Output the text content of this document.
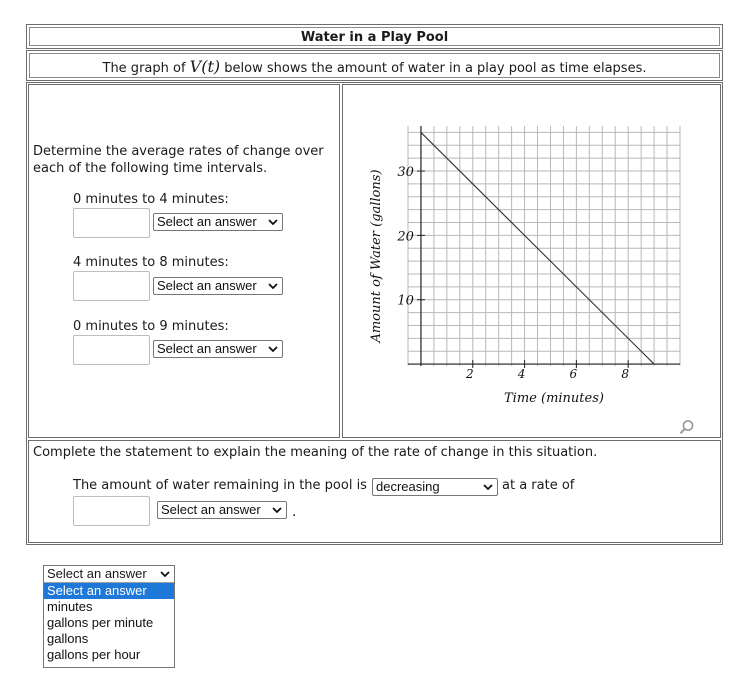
Water in a Play Pool
The graph of V(t) below shows the amount of water in a play pool as time elapses.
Determine the average rates of change over each of the following time intervals.
0 minutes to 4 minutes:
Select an answer
4 minutes to 8 minutes:
Select an answer
0 minutes to 9 minutes:
Select an answer
2	4	6	8
10
20
30
Time (minutes)
Amount of Water (gallons)
Complete the statement to explain the meaning of the rate of change in this situation.
The amount of water remaining in the pool is decreasing	at a rate of
Select an answer	.
Select an answer
Select an answer
minutes
gallons per minute
gallons
gallons per hour
